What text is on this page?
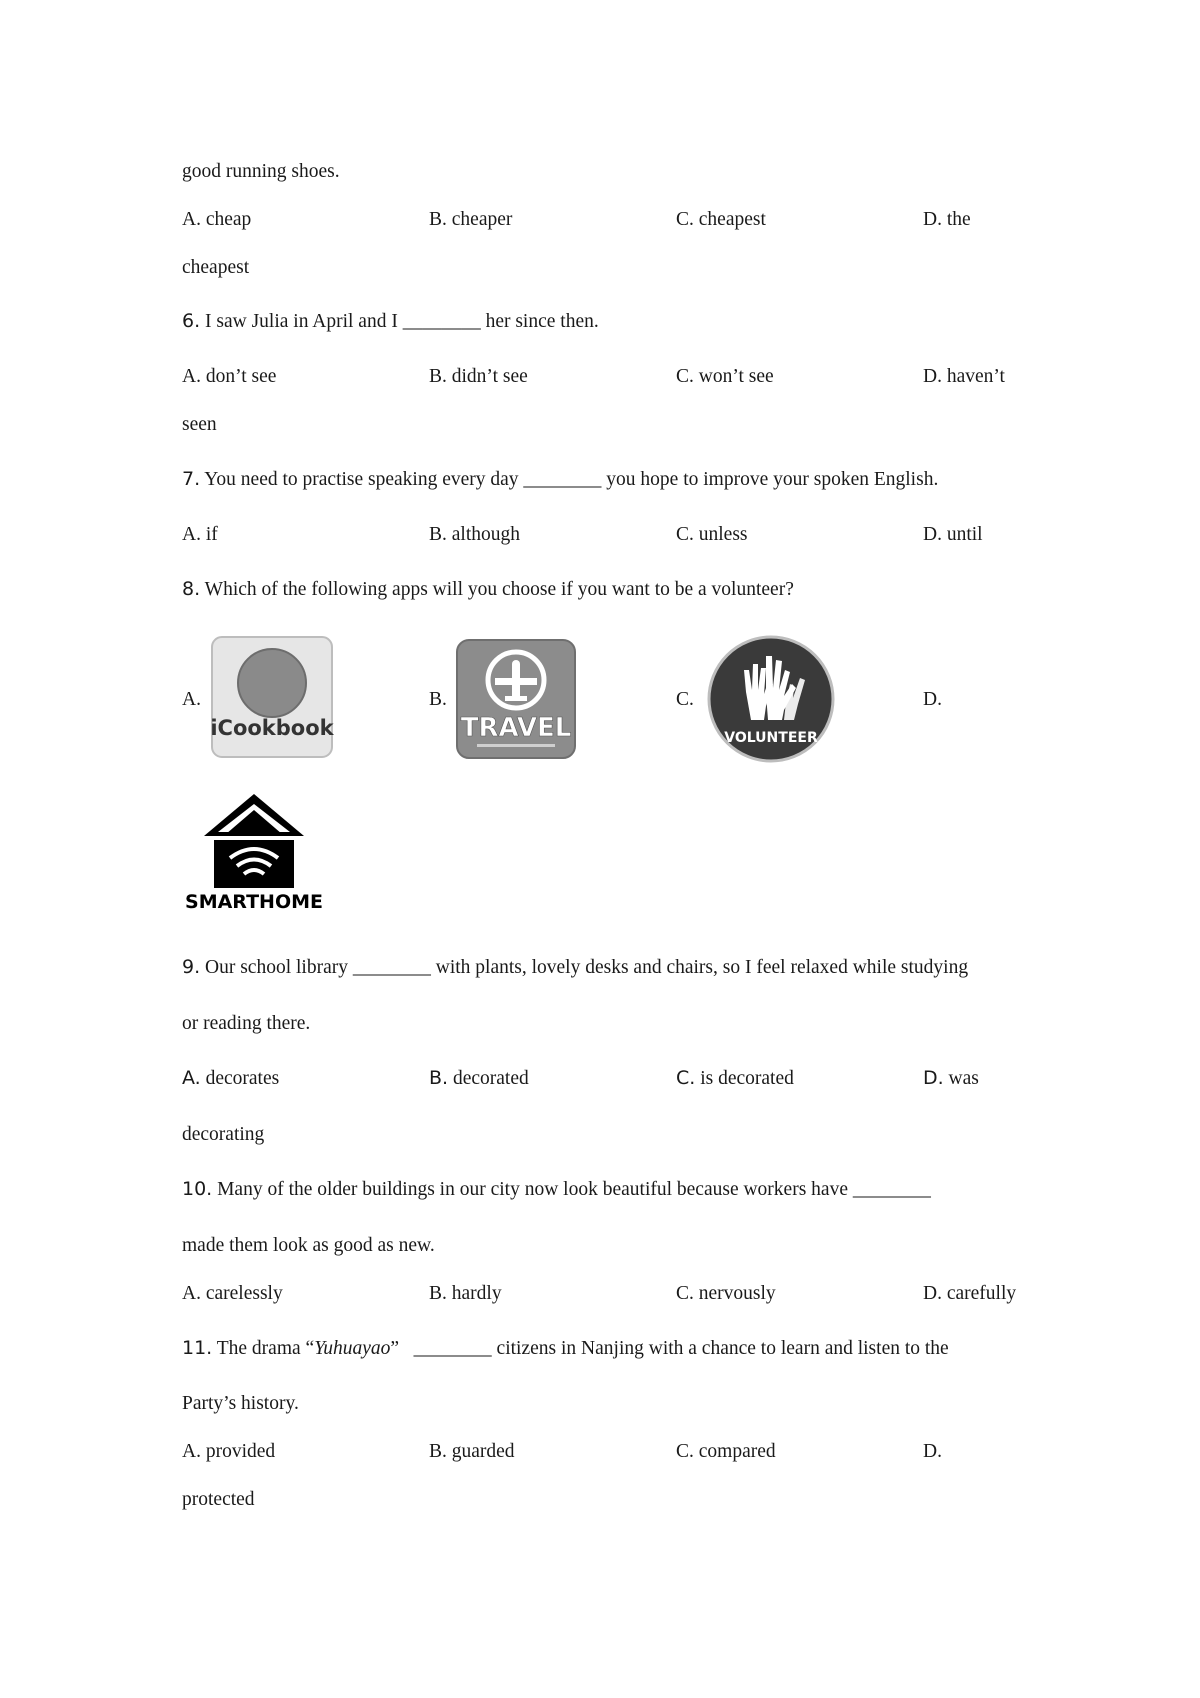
good running shoes.
A. cheap	B. cheaper	C. cheapest	D. the
cheapest
6. I saw Julia in April and I ________ her since then.
A. don’t see	B. didn’t see	C. won’t see	D. haven’t
seen
7. You need to practise speaking every day ________ you hope to improve your spoken English.
A. if	B. although	C. unless	D. until
8. Which of the following apps will you choose if you want to be a volunteer?
A.	B.	C.	D.
iCookbook	TRAVEL	VOLUNTEER
SMARTHOME
9. Our school library ________ with plants, lovely desks and chairs, so I feel relaxed while studying
or reading there.
A. decorates	B. decorated	C. is decorated	D. was
decorating
10. Many of the older buildings in our city now look beautiful because workers have ________
made them look as good as new.
A. carelessly	B. hardly	C. nervously	D. carefully
11. The drama “Yuhuayao”   ________ citizens in Nanjing with a chance to learn and listen to the
Party’s history.
A. provided	B. guarded	C. compared	D.
protected
